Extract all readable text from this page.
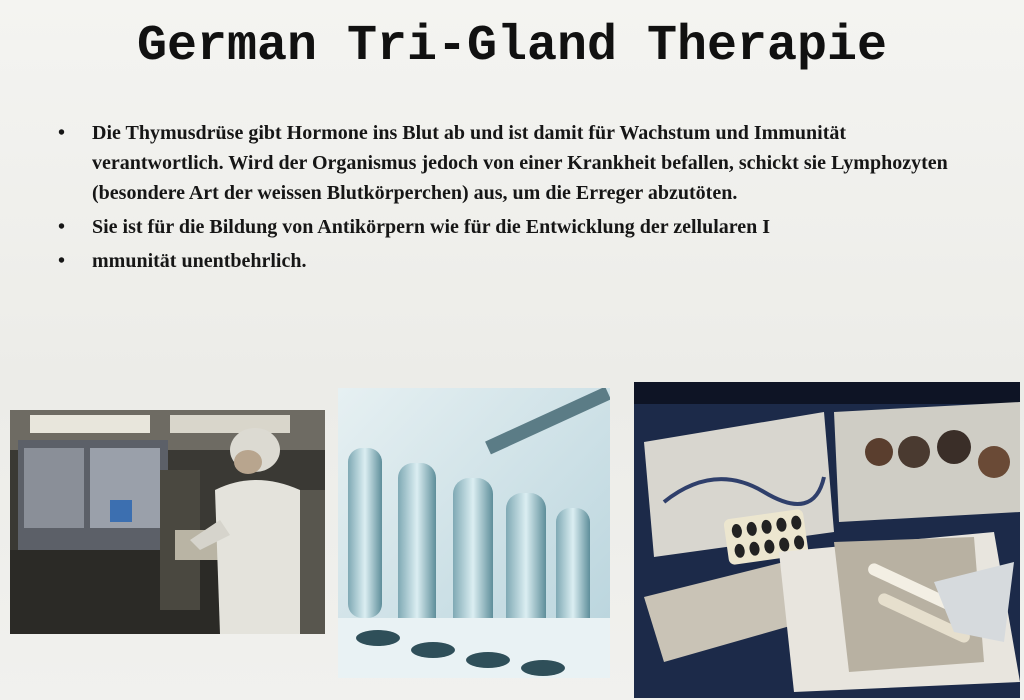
German Tri-Gland Therapie
• Die Thymusdrüse gibt Hormone ins Blut ab und ist damit für Wachstum und Immunität verantwortlich. Wird der Organismus jedoch von einer Krankheit befallen, schickt sie Lymphozyten (besondere Art der weissen Blutkörperchen) aus, um die Erreger abzutöten.
• Sie ist für die Bildung von Antikörpern wie für die Entwicklung der zellularen I
• mmunität unentbehrlich.
